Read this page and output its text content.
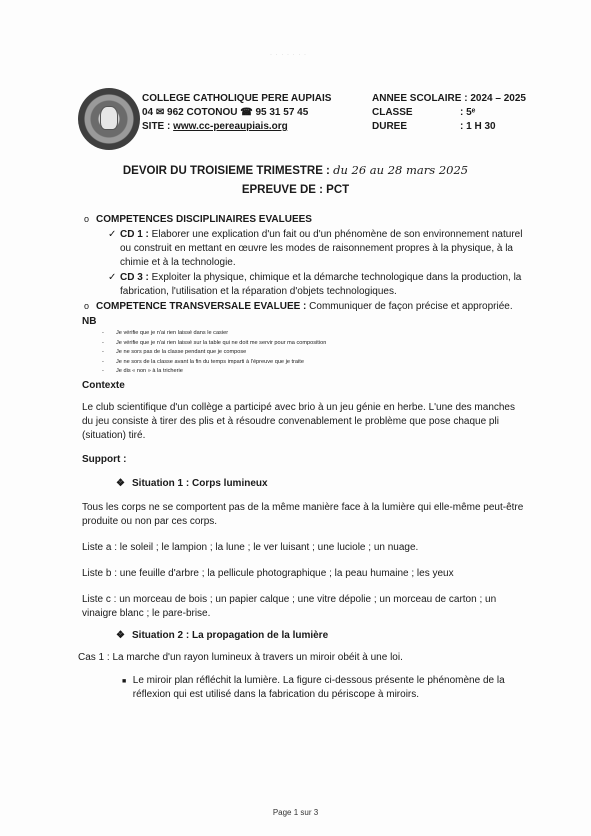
· · · · · · ·
COLLEGE CATHOLIQUE PERE AUPIAIS
04 ✉ 962 COTONOU ☎ 95 31 57 45
SITE : www.cc-pereaupiais.org
ANNEE SCOLAIRE : 2024 – 2025
CLASSE	: 5ᵉ
DUREE	: 1 H 30
DEVOIR DU TROISIEME TRIMESTRE : du 26 au 28 mars 2025
EPREUVE DE : PCT
o COMPETENCES DISCIPLINAIRES EVALUEES
✓ CD 1 : Elaborer une explication d'un fait ou d'un phénomène de son environnement naturel ou construit en mettant en œuvre les modes de raisonnement propres à la physique, à la chimie et à la technologie.
✓ CD 3 : Exploiter la physique, chimique et la démarche technologique dans la production, la fabrication, l'utilisation et la réparation d'objets technologiques.
o COMPETENCE TRANSVERSALE EVALUEE : Communiquer de façon précise et appropriée.
NB
-	Je vérifie que je n'ai rien laissé dans le casier
-	Je vérifie que je n'ai rien laissé sur la table qui ne doit me servir pour ma composition
-	Je ne sors pas de la classe pendant que je compose
-	Je ne sors de la classe avant la fin du temps imparti à l'épreuve que je traite
-	Je dis « non » à la tricherie
Contexte
Le club scientifique d'un collège a participé avec brio à un jeu génie en herbe. L'une des manches du jeu consiste à tirer des plis et à résoudre convenablement le problème que pose chaque pli (situation) tiré.
Support :
❖ Situation 1 : Corps lumineux
Tous les corps ne se comportent pas de la même manière face à la lumière qui elle-même peut-être produite ou non par ces corps.
Liste a : le soleil ; le lampion ; la lune ; le ver luisant ; une luciole ; un nuage.
Liste b : une feuille d'arbre ; la pellicule photographique ; la peau humaine ; les yeux
Liste c : un morceau de bois ; un papier calque ; une vitre dépolie ; un morceau de carton ; un vinaigre blanc ; le pare-brise.
❖ Situation 2 : La propagation de la lumière
Cas 1 : La marche d'un rayon lumineux à travers un miroir obéit à une loi.
■ Le miroir plan réfléchit la lumière. La figure ci-dessous présente le phénomène de la réflexion qui est utilisé dans la fabrication du périscope à miroirs.
Page 1 sur 3
